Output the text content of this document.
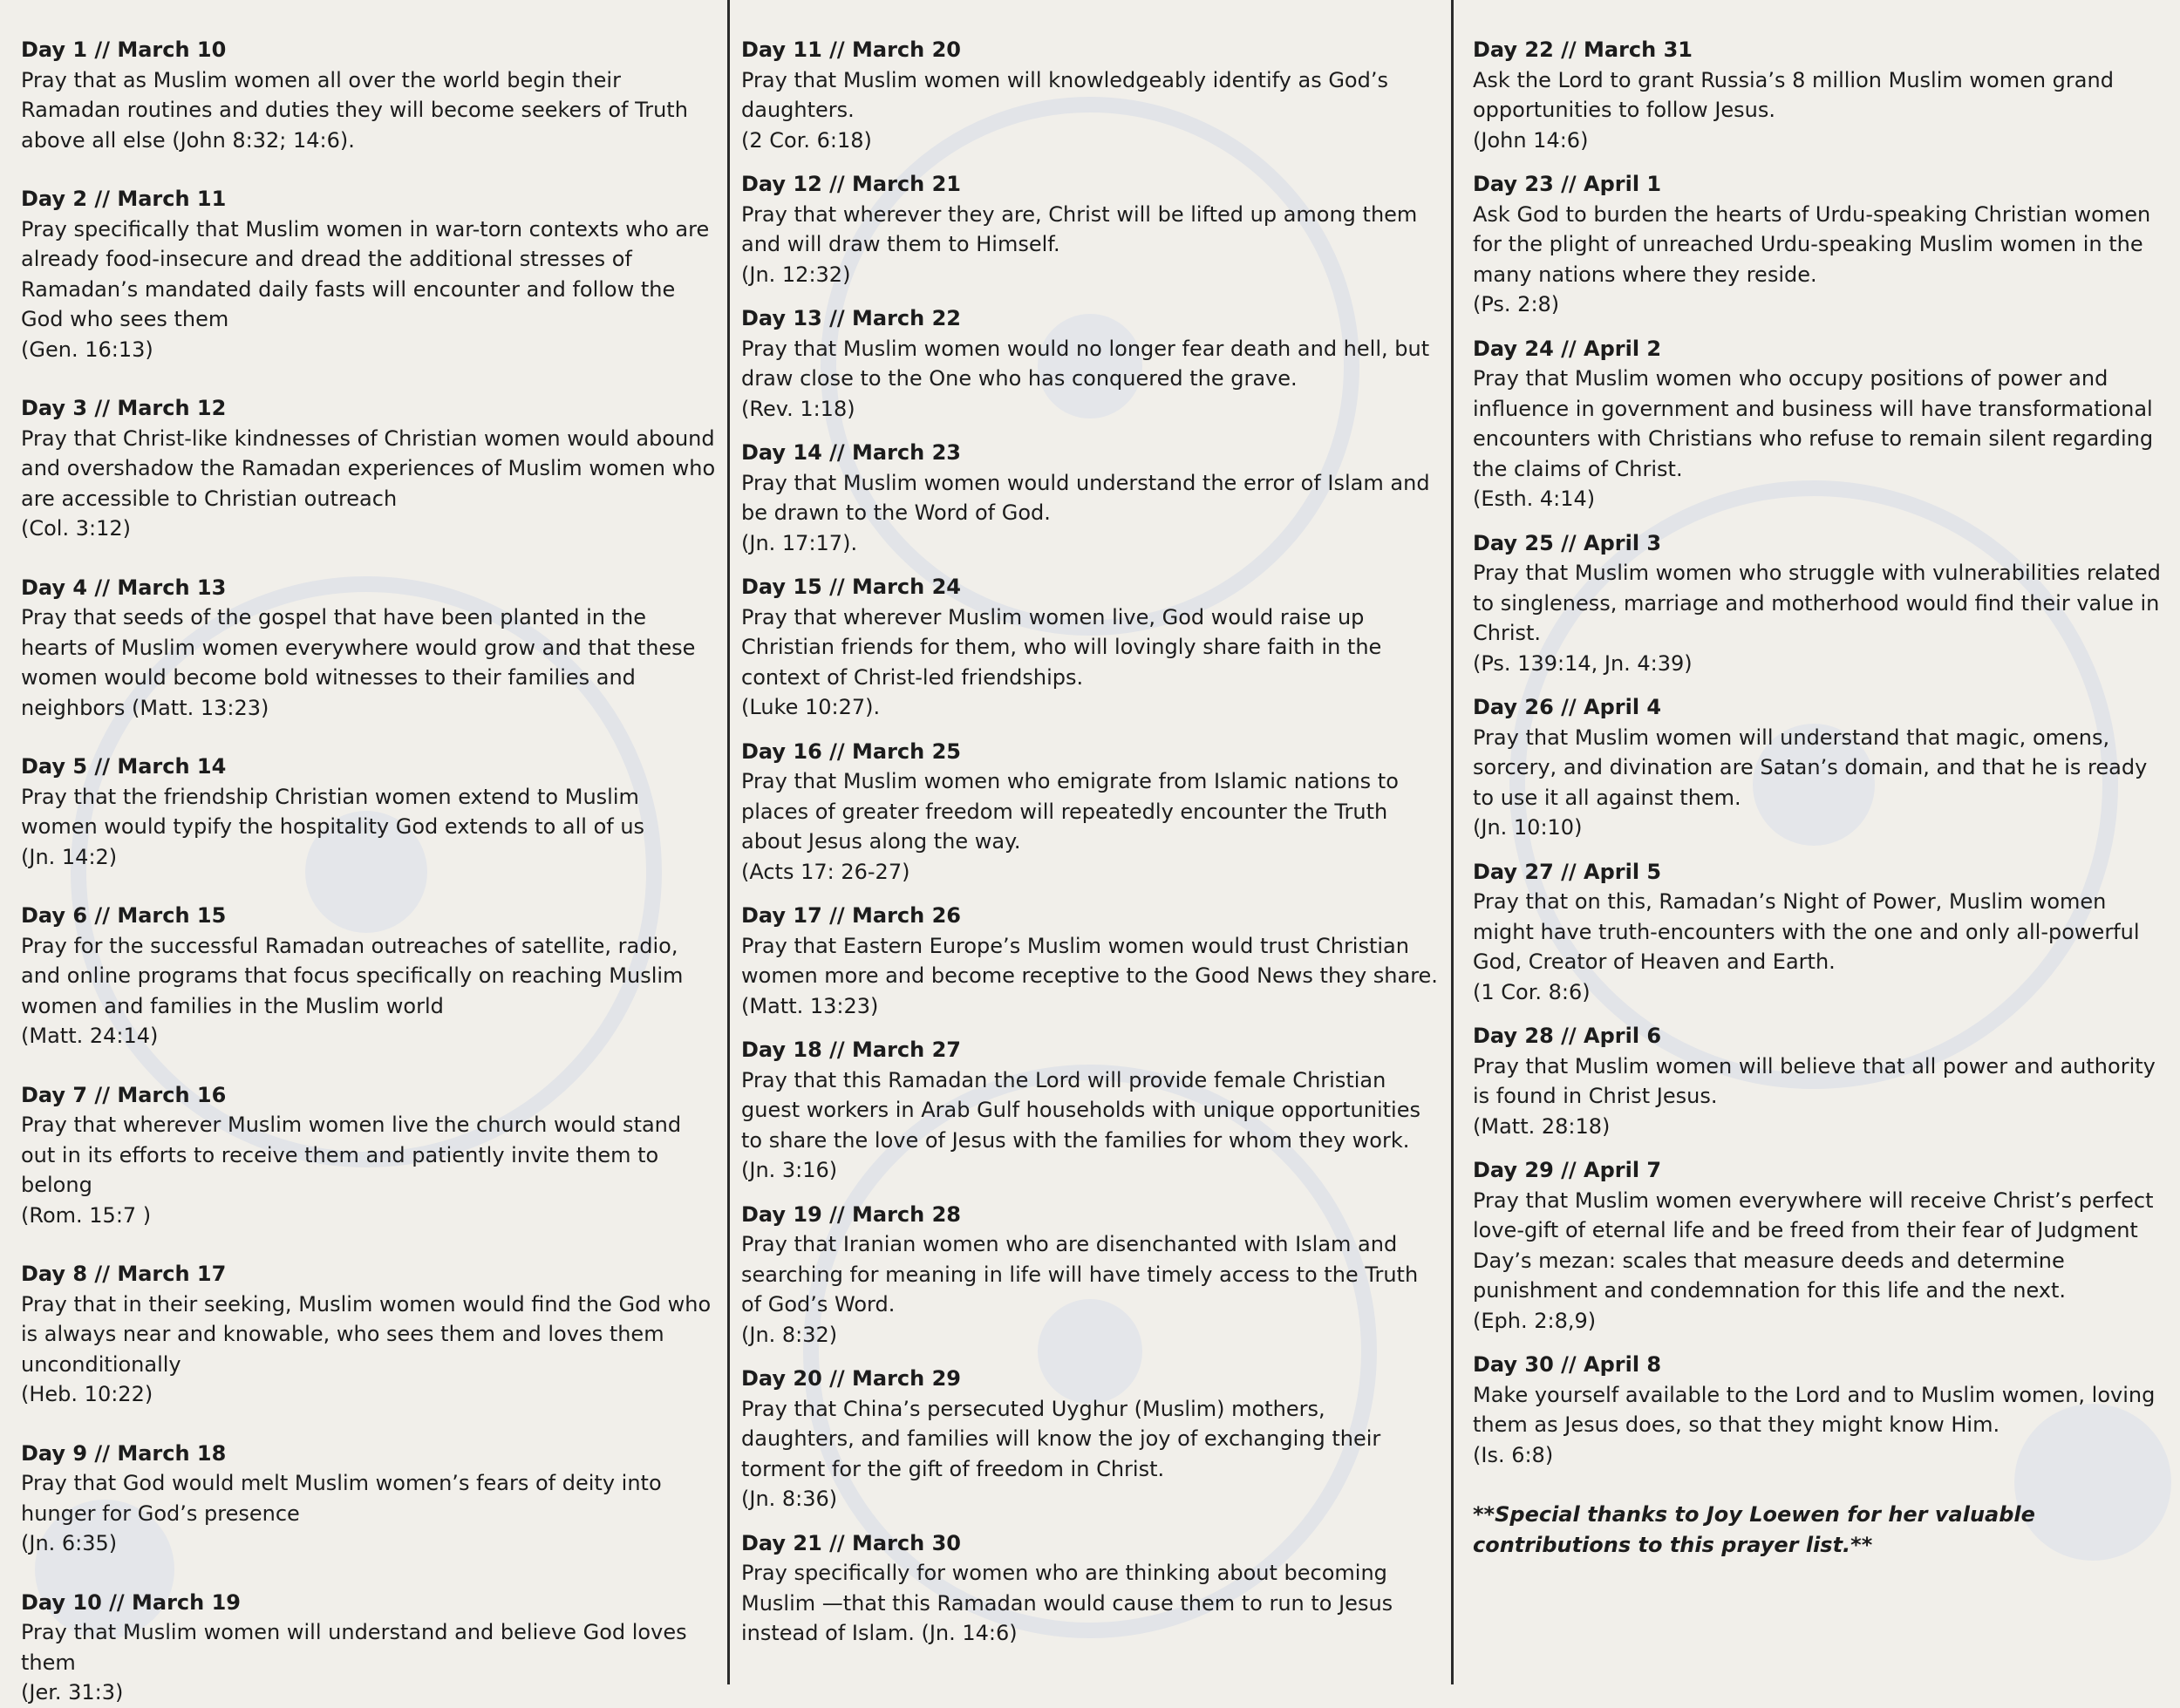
Day 1 // March 10
Pray that as Muslim women all over the world begin their Ramadan routines and duties they will become seekers of Truth above all else (John 8:32; 14:6).
Day 2 // March 11
Pray specifically that Muslim women in war-torn contexts who are already food-insecure and dread the additional stresses of Ramadan’s mandated daily fasts will encounter and follow the God who sees them
(Gen. 16:13)
Day 3 // March 12
Pray that Christ-like kindnesses of Christian women would abound and overshadow the Ramadan experiences of Muslim women who are accessible to Christian outreach
(Col. 3:12)
Day 4 // March 13
Pray that seeds of the gospel that have been planted in the hearts of Muslim women everywhere would grow and that these women would become bold witnesses to their families and neighbors (Matt. 13:23)
Day 5 // March 14
Pray that the friendship Christian women extend to Muslim women would typify the hospitality God extends to all of us
(Jn. 14:2)
Day 6 // March 15
Pray for the successful Ramadan outreaches of satellite, radio, and online programs that focus specifically on reaching Muslim women and families in the Muslim world
(Matt. 24:14)
Day 7 // March 16
Pray that wherever Muslim women live the church would stand out in its efforts to receive them and patiently invite them to belong
(Rom. 15:7 )
Day 8 // March 17
Pray that in their seeking, Muslim women would find the God who is always near and knowable, who sees them and loves them unconditionally
(Heb. 10:22)
Day 9 // March 18
Pray that God would melt Muslim women’s fears of deity into hunger for God’s presence
(Jn. 6:35)
Day 10 // March 19
Pray that Muslim women will understand and believe God loves them
(Jer. 31:3)
Day 11 // March 20
Pray that Muslim women will knowledgeably identify as God’s daughters.
(2 Cor. 6:18)
Day 12 // March 21
Pray that wherever they are, Christ will be lifted up among them and will draw them to Himself.
(Jn. 12:32)
Day 13 // March 22
Pray that Muslim women would no longer fear death and hell, but draw close to the One who has conquered the grave.
(Rev. 1:18)
Day 14 // March 23
Pray that Muslim women would understand the error of Islam and be drawn to the Word of God.
(Jn. 17:17).
Day 15 // March 24
Pray that wherever Muslim women live, God would raise up Christian friends for them, who will lovingly share faith in the context of Christ-led friendships.
(Luke 10:27).
Day 16 // March 25
Pray that Muslim women who emigrate from Islamic nations to places of greater freedom will repeatedly encounter the Truth about Jesus along the way.
(Acts 17: 26-27)
Day 17 // March 26
Pray that Eastern Europe’s Muslim women would trust Christian women more and become receptive to the Good News they share.
(Matt. 13:23)
Day 18 // March 27
Pray that this Ramadan the Lord will provide female Christian guest workers in Arab Gulf households with unique opportunities to share the love of Jesus with the families for whom they work.
(Jn. 3:16)
Day 19 // March 28
Pray that Iranian women who are disenchanted with Islam and searching for meaning in life will have timely access to the Truth of God’s Word.
(Jn. 8:32)
Day 20 // March 29
Pray that China’s persecuted Uyghur (Muslim) mothers, daughters, and families will know the joy of exchanging their torment for the gift of freedom in Christ.
(Jn. 8:36)
Day 21 // March 30
Pray specifically for women who are thinking about becoming Muslim —that this Ramadan would cause them to run to Jesus instead of Islam. (Jn. 14:6)
Day 22 // March 31
Ask the Lord to grant Russia’s 8 million Muslim women grand opportunities to follow Jesus.
(John 14:6)
Day 23 // April 1
Ask God to burden the hearts of Urdu-speaking Christian women for the plight of unreached Urdu-speaking Muslim women in the many nations where they reside.
(Ps. 2:8)
Day 24 // April 2
Pray that Muslim women who occupy positions of power and influence in government and business will have transformational encounters with Christians who refuse to remain silent regarding the claims of Christ.
(Esth. 4:14)
Day 25 // April 3
Pray that Muslim women who struggle with vulnerabilities related to singleness, marriage and motherhood would find their value in Christ.
(Ps. 139:14, Jn. 4:39)
Day 26 // April 4
Pray that Muslim women will understand that magic, omens, sorcery, and divination are Satan’s domain, and that he is ready to use it all against them.
(Jn. 10:10)
Day 27 // April 5
Pray that on this, Ramadan’s Night of Power, Muslim women might have truth-encounters with the one and only all-powerful God, Creator of Heaven and Earth.
(1 Cor. 8:6)
Day 28 // April 6
Pray that Muslim women will believe that all power and authority is found in Christ Jesus.
(Matt. 28:18)
Day 29 // April 7
Pray that Muslim women everywhere will receive Christ’s perfect love-gift of eternal life and be freed from their fear of Judgment Day’s mezan: scales that measure deeds and determine punishment and condemnation for this life and the next.
(Eph. 2:8,9)
Day 30 // April 8
Make yourself available to the Lord and to Muslim women, loving them as Jesus does, so that they might know Him.
(Is. 6:8)
**Special thanks to Joy Loewen for her valuable contributions to this prayer list.**
